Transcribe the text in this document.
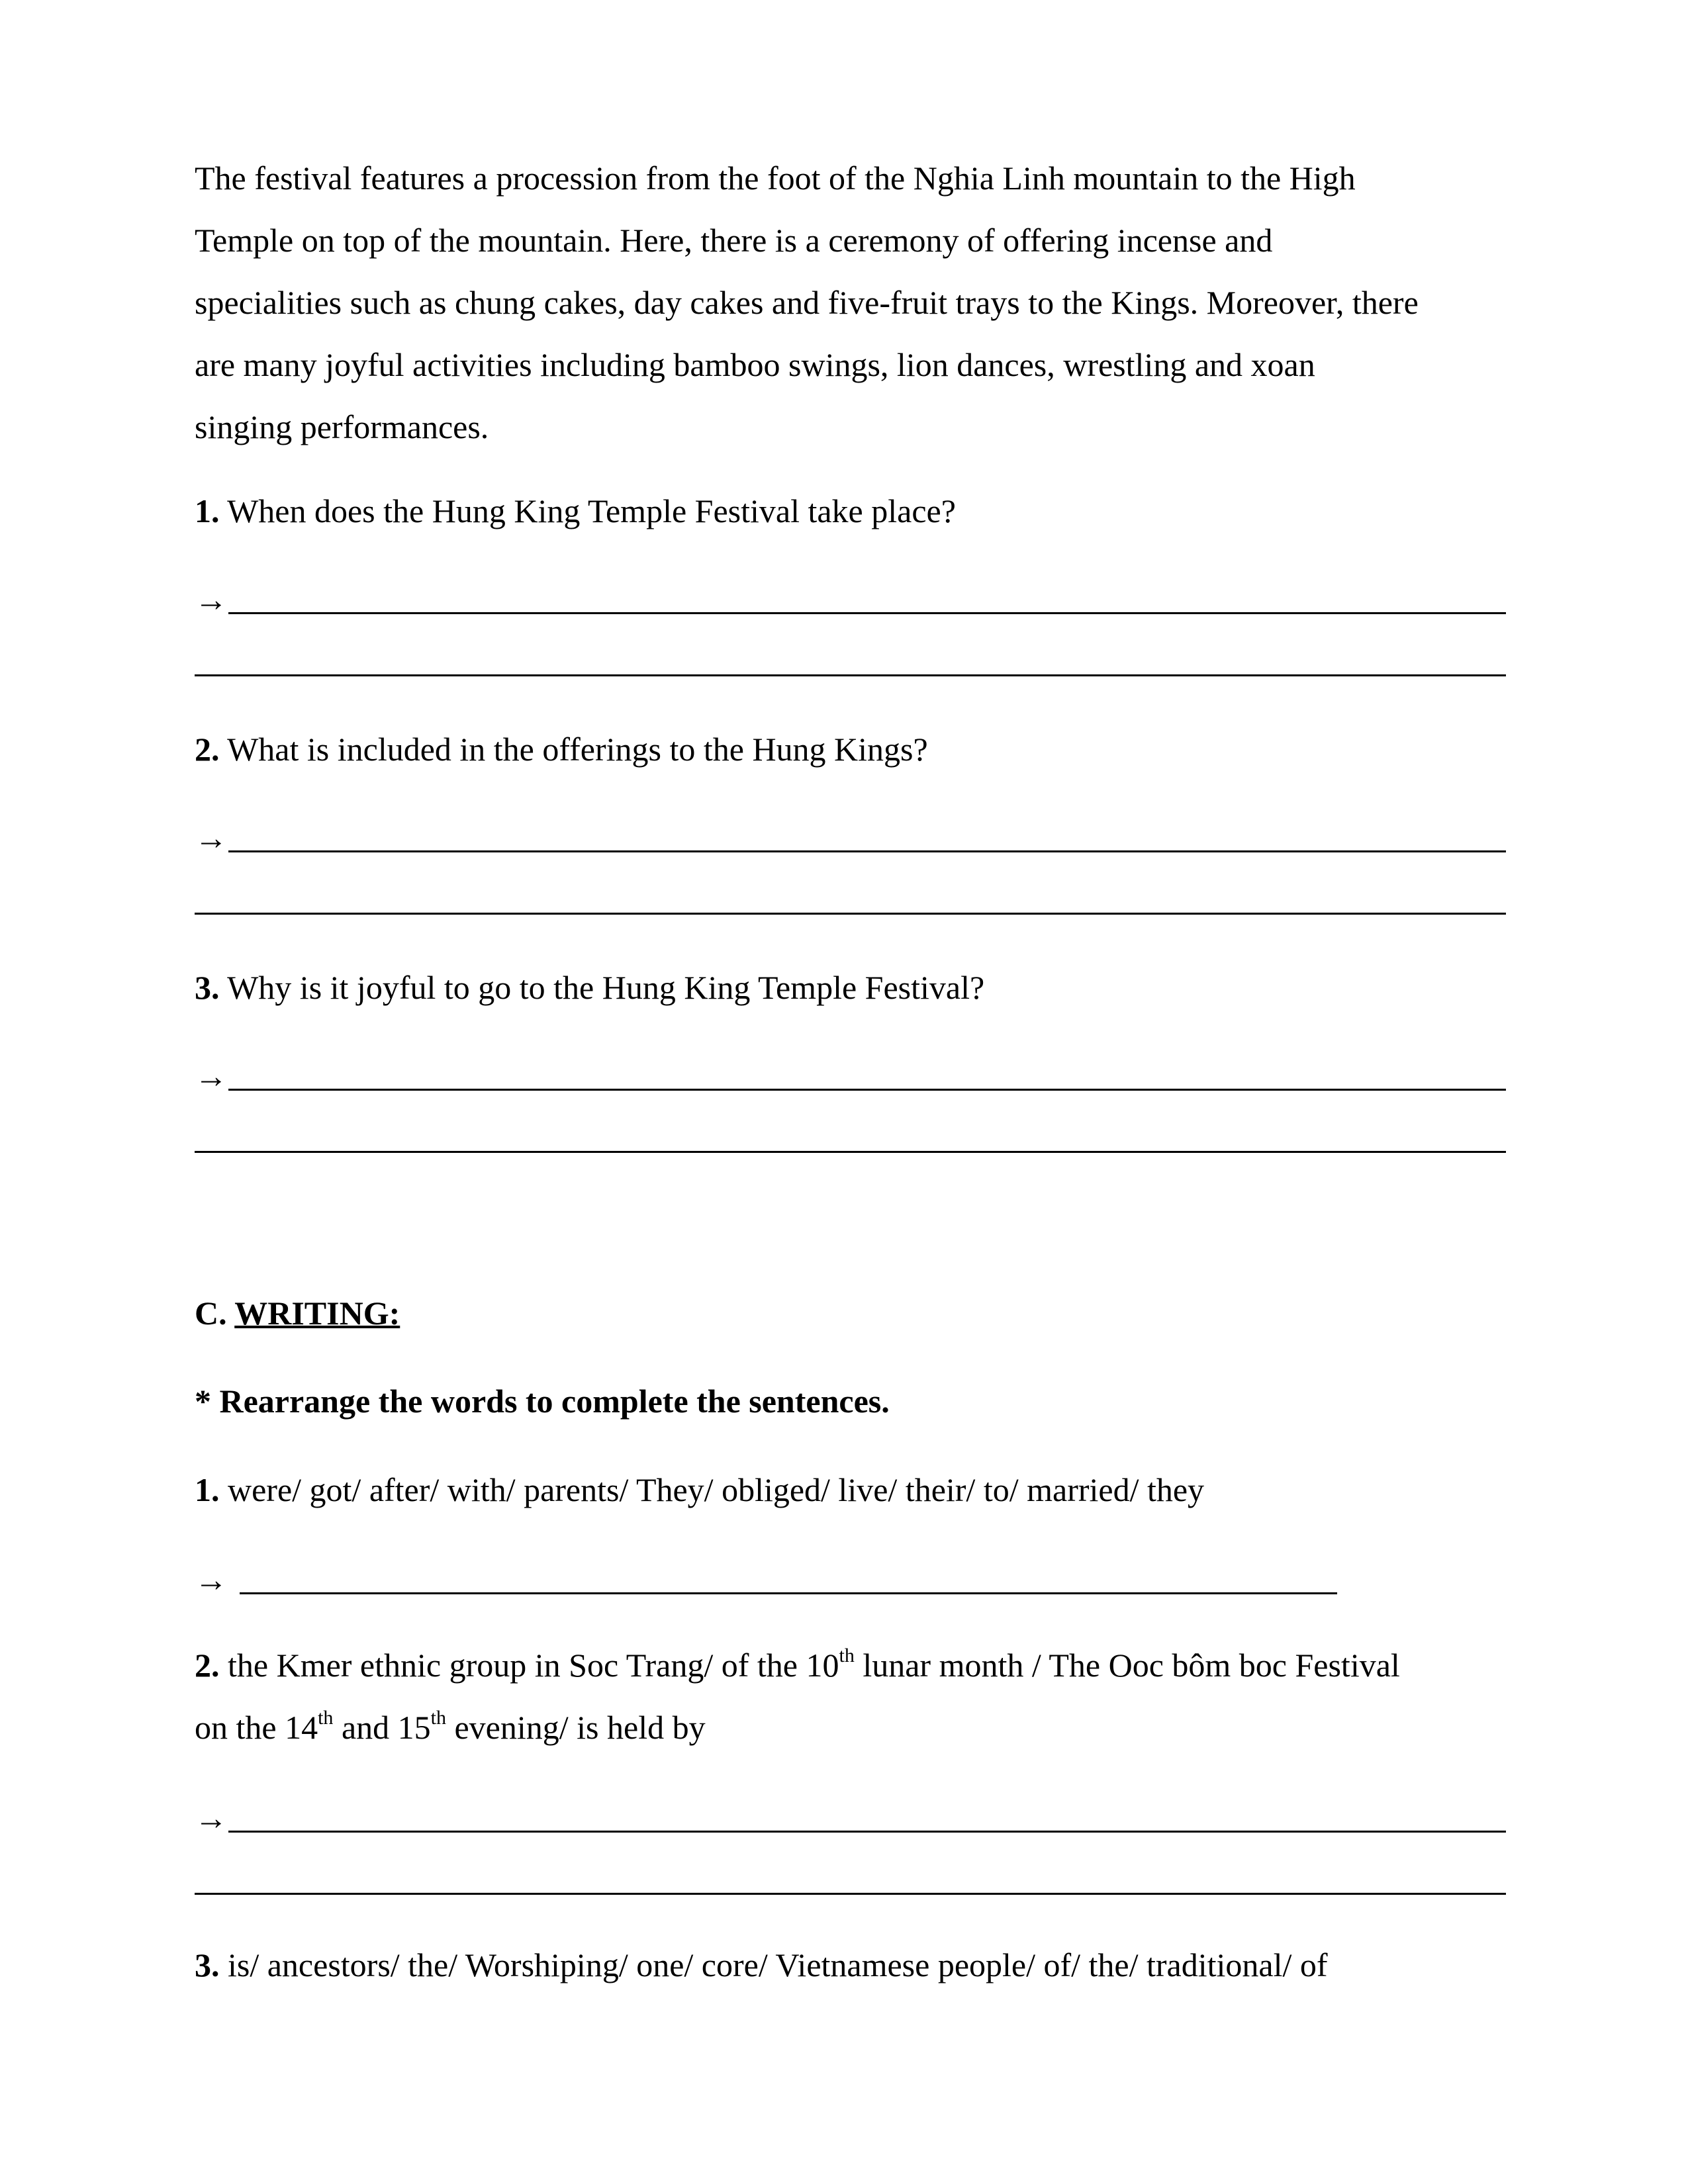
The festival features a procession from the foot of the Nghia Linh mountain to the High
Temple on top of the mountain. Here, there is a ceremony of offering incense and
specialities such as chung cakes, day cakes and five-fruit trays to the Kings. Moreover, there
are many joyful activities including bamboo swings, lion dances, wrestling and xoan
singing performances.
1. When does the Hung King Temple Festival take place?
→
2. What is included in the offerings to the Hung Kings?
→
3. Why is it joyful to go to the Hung King Temple Festival?
→
C. WRITING:
* Rearrange the words to complete the sentences.
1. were/ got/ after/ with/ parents/ They/ obliged/ live/ their/ to/ married/ they
→
2. the Kmer ethnic group in Soc Trang/ of the 10th lunar month / The Ooc bôm boc Festival
on the 14th and 15th evening/ is held by
→
3. is/ ancestors/ the/ Worshiping/ one/ core/ Vietnamese people/ of/ the/ traditional/ of
